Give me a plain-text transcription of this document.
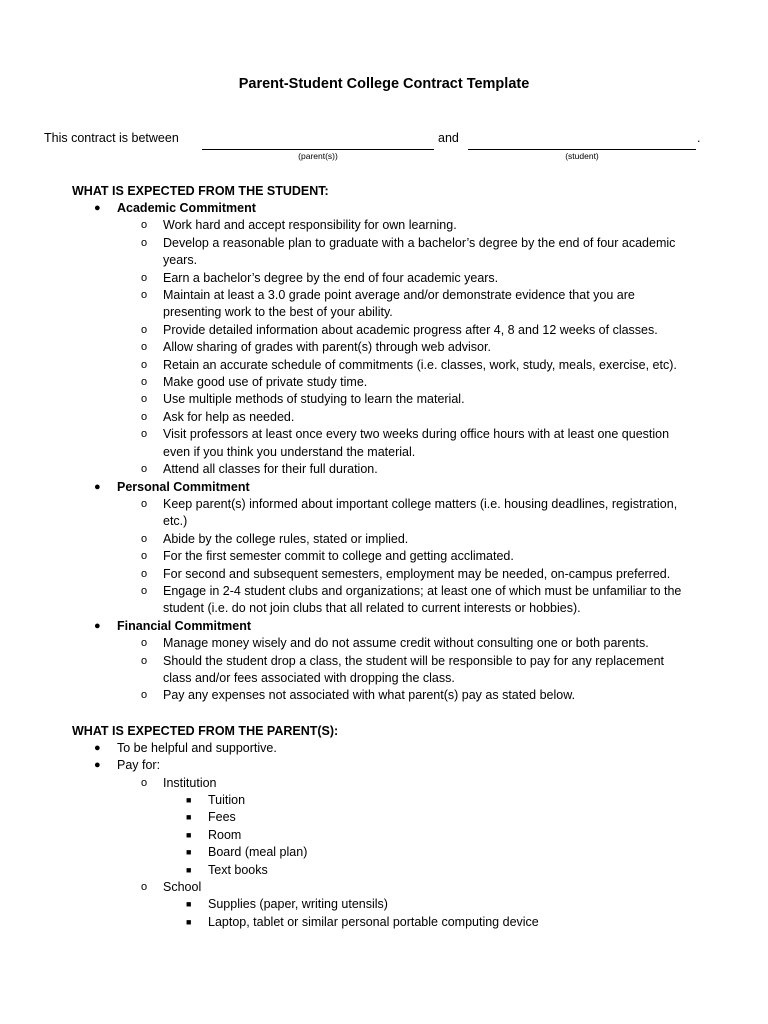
Parent-Student College Contract Template
This contract is between	and	.
(parent(s))	(student)
WHAT IS EXPECTED FROM THE STUDENT:
● Academic Commitment
o Work hard and accept responsibility for own learning.
o Develop a reasonable plan to graduate with a bachelor’s degree by the end of four academic years.
o Earn a bachelor’s degree by the end of four academic years.
o Maintain at least a 3.0 grade point average and/or demonstrate evidence that you are presenting work to the best of your ability.
o Provide detailed information about academic progress after 4, 8 and 12 weeks of classes.
o Allow sharing of grades with parent(s) through web advisor.
o Retain an accurate schedule of commitments (i.e. classes, work, study, meals, exercise, etc).
o Make good use of private study time.
o Use multiple methods of studying to learn the material.
o Ask for help as needed.
o Visit professors at least once every two weeks during office hours with at least one question even if you think you understand the material.
o Attend all classes for their full duration.
● Personal Commitment
o Keep parent(s) informed about important college matters (i.e. housing deadlines, registration, etc.)
o Abide by the college rules, stated or implied.
o For the first semester commit to college and getting acclimated.
o For second and subsequent semesters, employment may be needed, on-campus preferred.
o Engage in 2-4 student clubs and organizations; at least one of which must be unfamiliar to the student (i.e. do not join clubs that all related to current interests or hobbies).
● Financial Commitment
o Manage money wisely and do not assume credit without consulting one or both parents.
o Should the student drop a class, the student will be responsible to pay for any replacement class and/or fees associated with dropping the class.
o Pay any expenses not associated with what parent(s) pay as stated below.
WHAT IS EXPECTED FROM THE PARENT(S):
● To be helpful and supportive.
● Pay for:
o Institution
■ Tuition
■ Fees
■ Room
■ Board (meal plan)
■ Text books
o School
■ Supplies (paper, writing utensils)
■ Laptop, tablet or similar personal portable computing device
